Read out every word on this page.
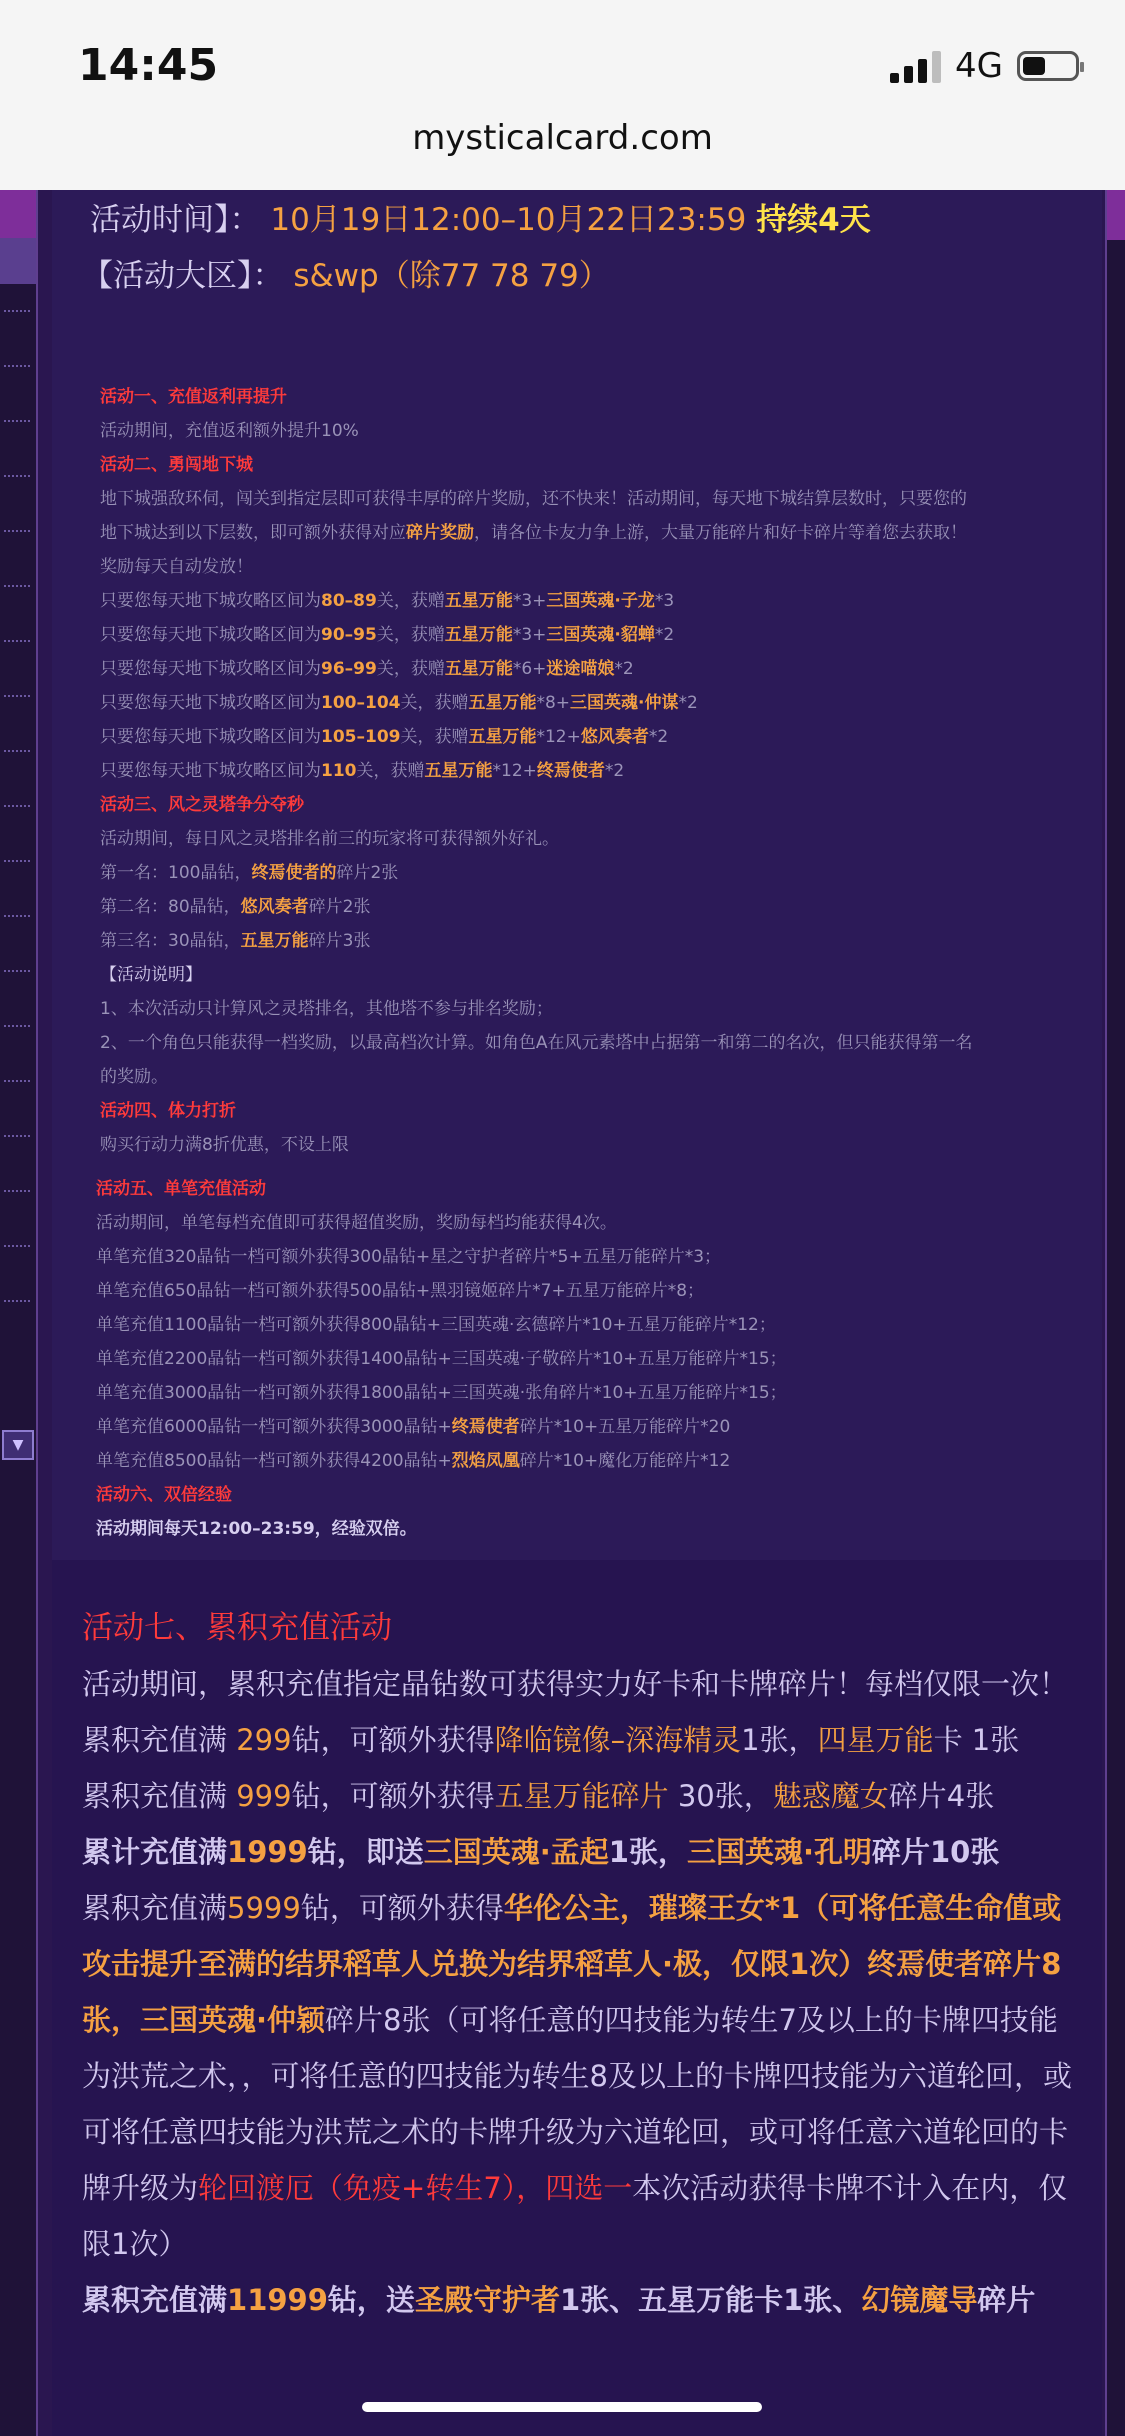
14:45	4G
mysticalcard.com
▼
活动时间】： 10月19日12:00–10月22日23:59 持续4天
【活动大区】： s&wp（除77 78 79）
活动一、充值返利再提升
活动期间，充值返利额外提升10%
活动二、勇闯地下城
地下城强敌环伺，闯关到指定层即可获得丰厚的碎片奖励，还不快来！活动期间，每天地下城结算层数时，只要您的
地下城达到以下层数，即可额外获得对应碎片奖励，请各位卡友力争上游，大量万能碎片和好卡碎片等着您去获取！
奖励每天自动发放！
只要您每天地下城攻略区间为80–89关，获赠五星万能*3+三国英魂·子龙*3
只要您每天地下城攻略区间为90–95关，获赠五星万能*3+三国英魂·貂蝉*2
只要您每天地下城攻略区间为96–99关，获赠五星万能*6+迷途喵娘*2
只要您每天地下城攻略区间为100–104关，获赠五星万能*8+三国英魂·仲谋*2
只要您每天地下城攻略区间为105–109关，获赠五星万能*12+悠风奏者*2
只要您每天地下城攻略区间为110关，获赠五星万能*12+终焉使者*2
活动三、风之灵塔争分夺秒
活动期间，每日风之灵塔排名前三的玩家将可获得额外好礼。
第一名：100晶钻，终焉使者的碎片2张
第二名：80晶钻，悠风奏者碎片2张
第三名：30晶钻，五星万能碎片3张
【活动说明】
1、本次活动只计算风之灵塔排名，其他塔不参与排名奖励；
2、一个角色只能获得一档奖励，以最高档次计算。如角色A在风元素塔中占据第一和第二的名次，但只能获得第一名
的奖励。
活动四、体力打折
购买行动力满8折优惠，不设上限
活动五、单笔充值活动
活动期间，单笔每档充值即可获得超值奖励，奖励每档均能获得4次。
单笔充值320晶钻一档可额外获得300晶钻+星之守护者碎片*5+五星万能碎片*3；
单笔充值650晶钻一档可额外获得500晶钻+黑羽镜姬碎片*7+五星万能碎片*8；
单笔充值1100晶钻一档可额外获得800晶钻+三国英魂·玄德碎片*10+五星万能碎片*12；
单笔充值2200晶钻一档可额外获得1400晶钻+三国英魂·子敬碎片*10+五星万能碎片*15；
单笔充值3000晶钻一档可额外获得1800晶钻+三国英魂·张角碎片*10+五星万能碎片*15；
单笔充值6000晶钻一档可额外获得3000晶钻+终焉使者碎片*10+五星万能碎片*20
单笔充值8500晶钻一档可额外获得4200晶钻+烈焰凤凰碎片*10+魔化万能碎片*12
活动六、双倍经验
活动期间每天12:00–23:59，经验双倍。

活动七、累积充值活动

活动期间，累积充值指定晶钻数可获得实力好卡和卡牌碎片！每档仅限一次！

累积充值满 299钻，可额外获得降临镜像–深海精灵1张，四星万能卡 1张

累积充值满 999钻，可额外获得五星万能碎片 30张，魅惑魔女碎片4张

累计充值满1999钻，即送三国英魂·孟起1张，三国英魂·孔明碎片10张

累积充值满5999钻，可额外获得华伦公主，璀璨王女*1（可将任意生命值或攻击提升至满的结界稻草人兑换为结界稻草人·极，仅限1次）终焉使者碎片8张，三国英魂·仲颖碎片8张（可将任意的四技能为转生7及以上的卡牌四技能为洪荒之术，，可将任意的四技能为转生8及以上的卡牌四技能为六道轮回，或可将任意四技能为洪荒之术的卡牌升级为六道轮回，或可将任意六道轮回的卡牌升级为轮回渡厄（免疫+转生7），四选一本次活动获得卡牌不计入在内，仅限1次）

累积充值满11999钻，送圣殿守护者1张、五星万能卡1张、幻镜魔导碎片
